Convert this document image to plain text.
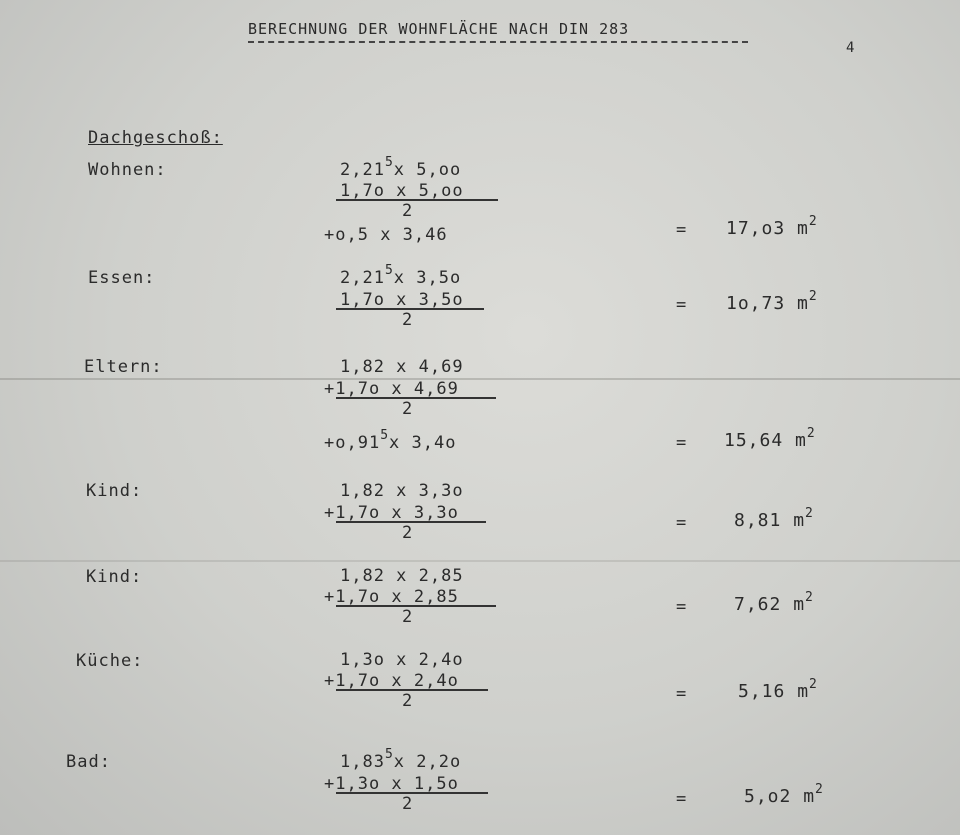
BERECHNUNG DER WOHNFLÄCHE NACH DIN 283
4
Dachgeschoß:
Wohnen:	2,21$^5$x 5,oo
1,7o x 5,oo
2
+o,5 x 3,46	= 17,o3 $m^2$
Essen:	2,21$^5$x 3,5o
1,7o x 3,5o
2
= 1o,73 $m^2$
Eltern:	1,82 x 4,69
+1,7o x 4,69
2
$+o,91^5x$ 3,4o	= 15,64 $m^2$
Kind:	1,82 x 3,3o
+1,7o x 3,3o
2	=	8,81 $m^2$
Kind:	1,82 x 2,85
+1,7o x 2,85
2	=	7,62 $m^2$
Küche:	1,3o x 2,4o
+1,7o x 2,4o
2	=	5,16 $m^2$
Bad:	1,83$^5$x 2,2o
+1,3o x 1,5o
2	=	5,o2 $m^2$
